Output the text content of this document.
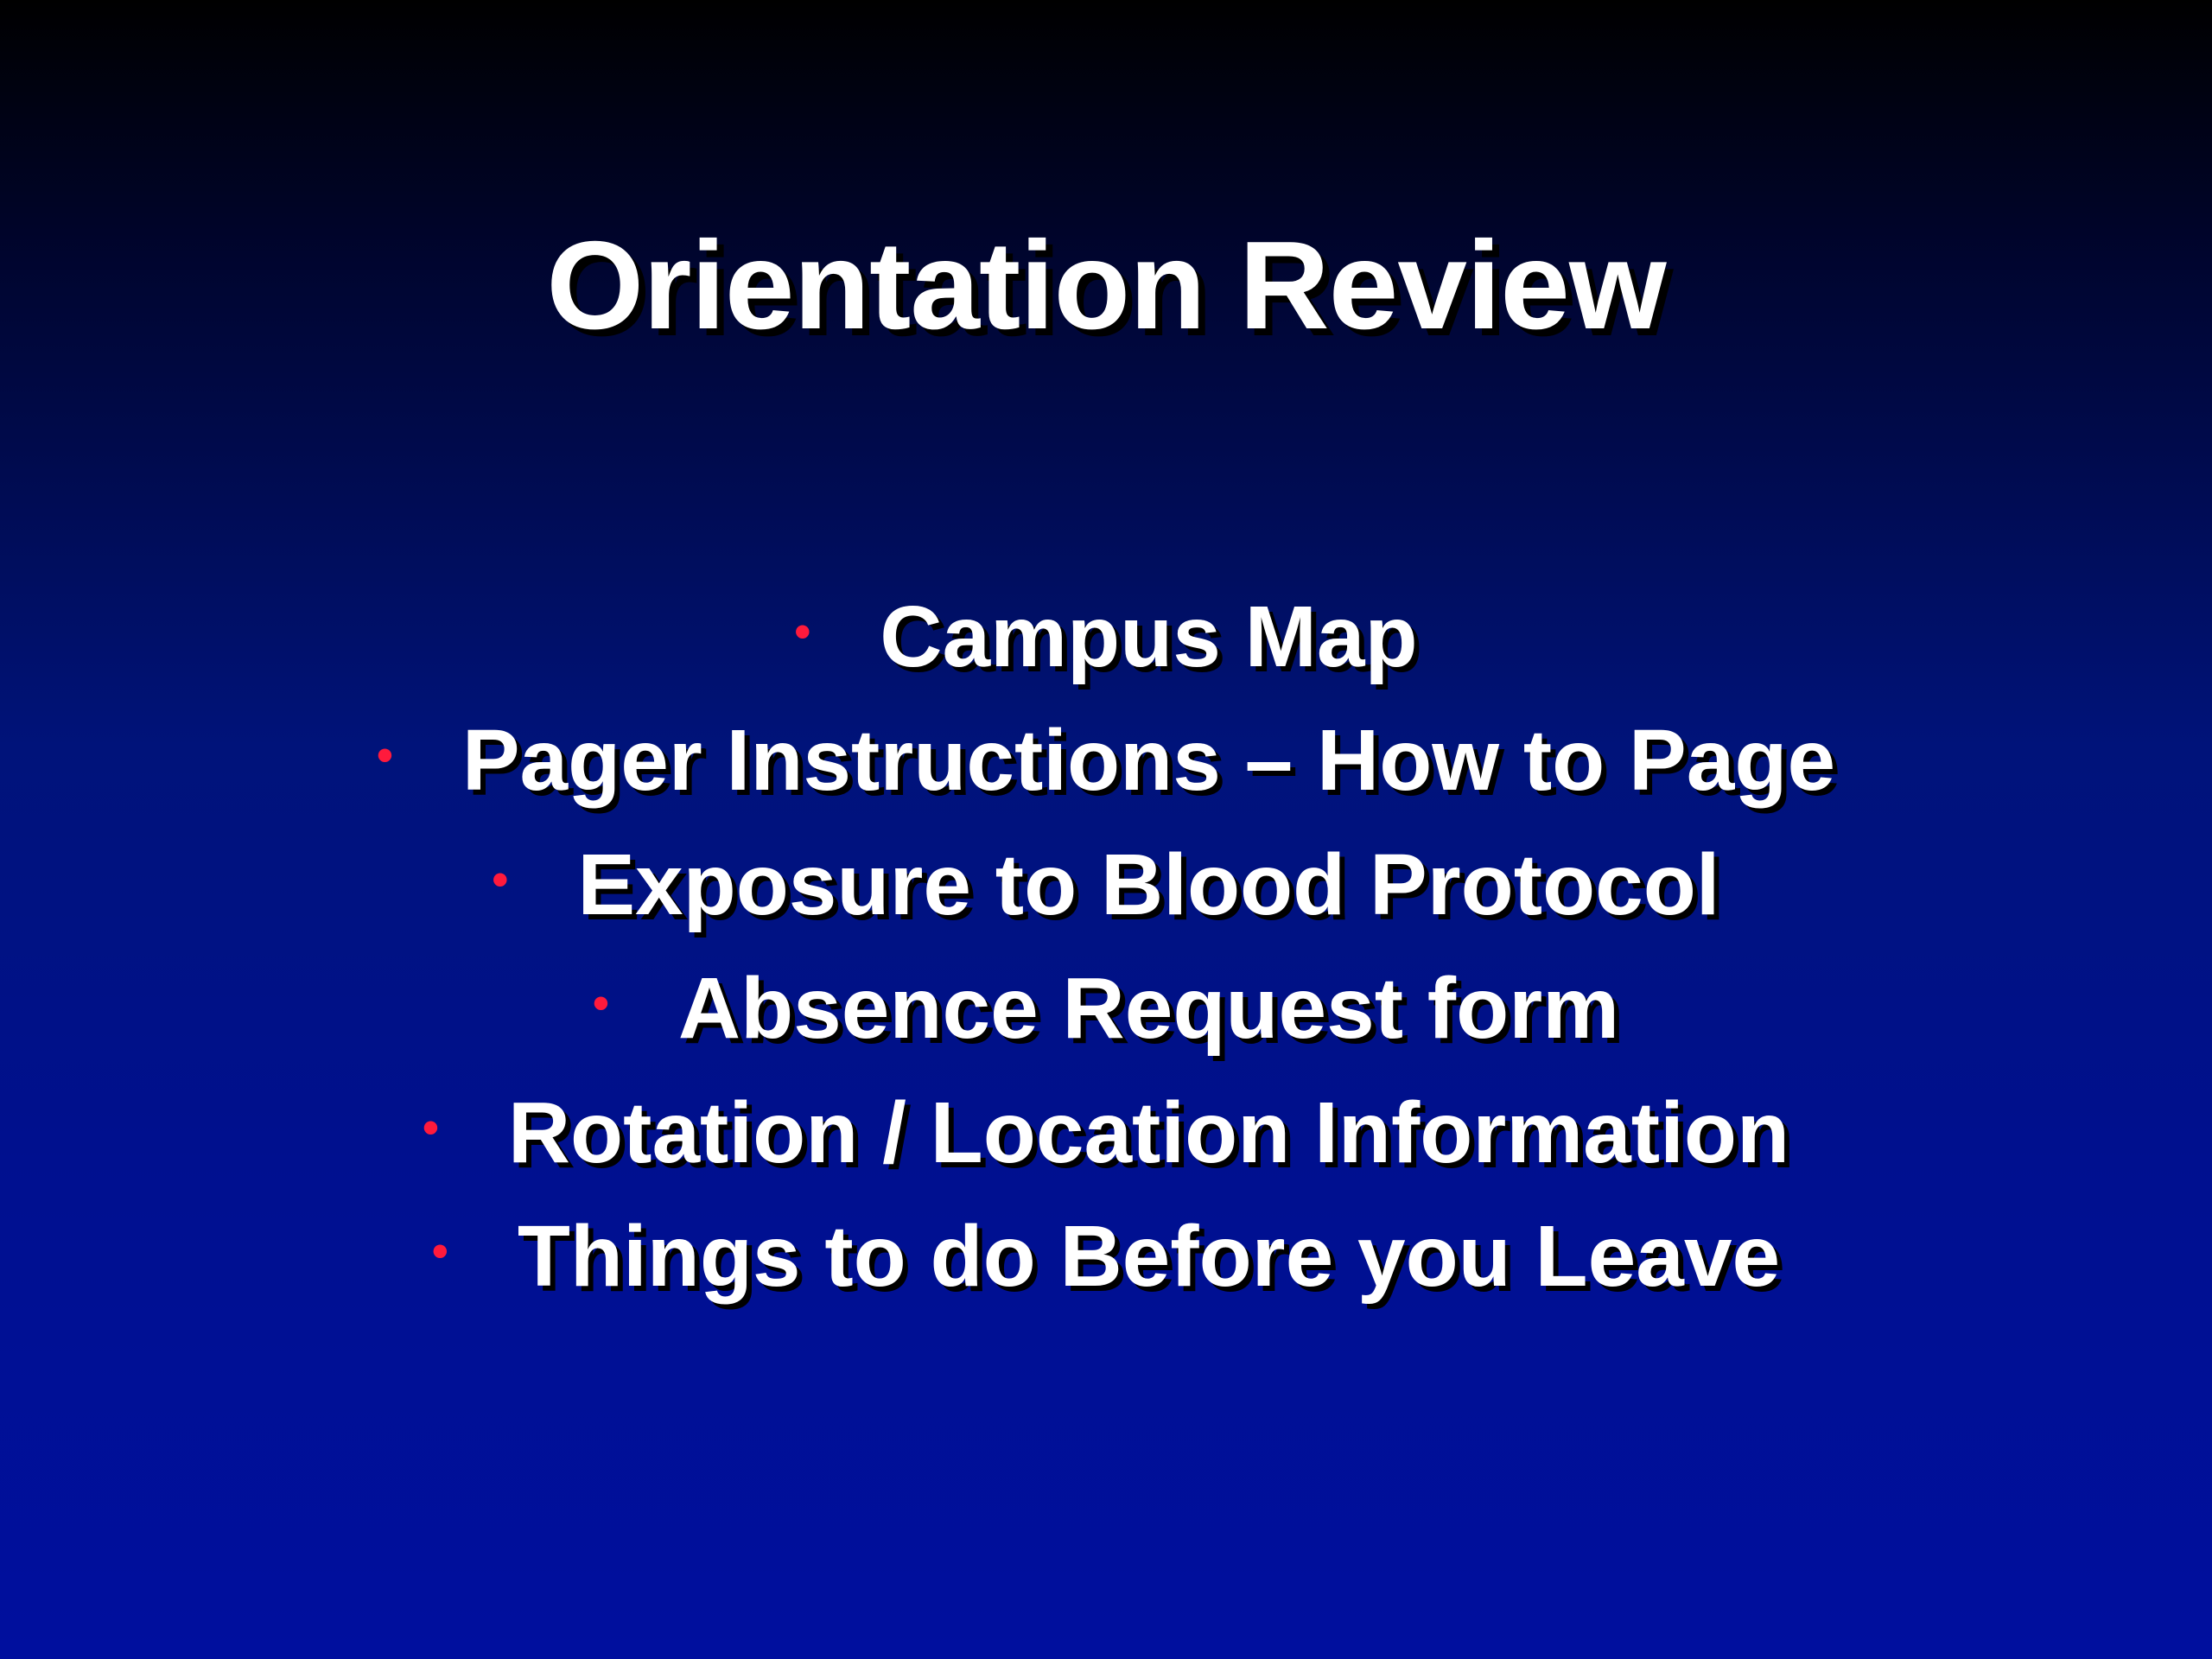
Orientation Review
• Campus Map
• Pager Instructions – How to Page
• Exposure to Blood Protocol
• Absence Request form
• Rotation / Location Information
• Things to do Before you Leave
